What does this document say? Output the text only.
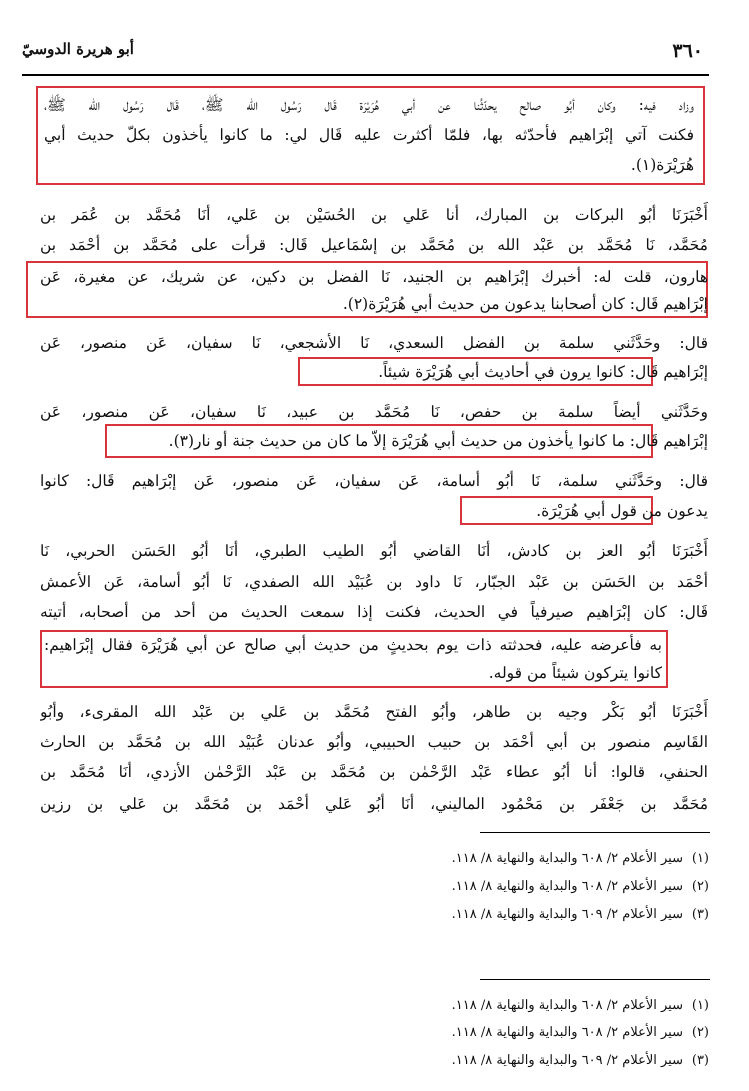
٣٦٠
أبو هريرة الدوسيّ
وزاد فيه: وكان أبُو صالح يحدّثُنا عن أبي هُرَيْرَة قَال رَسُول الله ﷺ، قَال رَسُول الله ﷺ،
فكنت آتي إبْرَاهيم فأحدّثه بها، فلمّا أكثرت عليه قَال لي: ما كانوا يأخذون بكلّ حديث أبي
هُرَيْرَة(١).
أَخْبَرَنَا أبُو البركات بن المبارك، أنا عَلي بن الحُسَيْن بن عَلي، أنَا مُحَمَّد بن عُمَر بن
مُحَمَّد، نَا مُحَمَّد بن عَبْد الله بن مُحَمَّد بن إسْمَاعيل قَال: قرأت على مُحَمَّد بن أحْمَد بن
هارون، قلت له: أخبرك إبْرَاهيم بن الجنيد، نَا الفضل بن دكين، عن شريك، عن مغيرة، عَن
إبْرَاهيم قَال: كان أصحابنا يدعون من حديث أبي هُرَيْرَة(٢).
قال: وحَدَّثَني سلمة بن الفضل السعدي، نَا الأشجعي، نَا سفيان، عَن منصور، عَن
إبْرَاهيم قَال: كانوا يرون في أحاديث أبي هُرَيْرَة شيئاً.
وحَدَّثَني أيضاً سلمة بن حفص، نَا مُحَمَّد بن عبيد، نَا سفيان، عَن منصور، عَن
إبْرَاهيم قَال: ما كانوا يأخذون من حديث أبي هُرَيْرَة إلاّ ما كان من حديث جنة أو نار(٣).
قال: وحَدَّثَني سلمة، نَا أبُو أسامة، عَن سفيان، عَن منصور، عَن إبْرَاهيم قَال: كانوا
يدعون من قول أبي هُرَيْرَة.
أَخْبَرَنَا أبُو العز بن كادش، أنَا القاضي أبُو الطيب الطبري، أنَا أبُو الحَسَن الحربي، نَا
أحْمَد بن الحَسَن بن عَبْد الجبّار، نَا داود بن عُبَيْد الله الصفدي، نَا أبُو أسامة، عَن الأعمش
قَال: كان إبْرَاهيم صيرفياً في الحديث، فكنت إذا سمعت الحديث من أحد من أصحابه، أتيته
به فأعرضه عليه، فحدثته ذات يوم بحديثٍ من حديث أبي صالح عن أبي هُرَيْرَة فقال إبْرَاهيم:
كانوا يتركون شيئاً من قوله.
أَخْبَرَنَا أبُو بَكْر وجيه بن طاهر، وأبُو الفتح مُحَمَّد بن عَلي بن عَبْد الله المقرىء، وأبُو
القَاسِم منصور بن أبي أحْمَد بن حبيب الحبيبي، وأبُو عدنان عُبَيْد الله بن مُحَمَّد بن الحارث
الحنفي، قالوا: أنا أبُو عطاء عَبْد الرَّحْمٰن بن مُحَمَّد بن عَبْد الرَّحْمٰن الأزدي، أنَا مُحَمَّد بن
مُحَمَّد بن جَعْفَر بن مَحْمُود الماليني، أنَا أبُو عَلي أحْمَد بن مُحَمَّد بن عَلي بن رزين
(١)سير الأعلام ٢/ ٦٠٨ والبداية والنهاية ٨/ ١١٨.
(٢)سير الأعلام ٢/ ٦٠٨ والبداية والنهاية ٨/ ١١٨.
(٣)سير الأعلام ٢/ ٦٠٩ والبداية والنهاية ٨/ ١١٨.
(١)سير الأعلام ٢/ ٦٠٨ والبداية والنهاية ٨/ ١١٨.
(٢)سير الأعلام ٢/ ٦٠٨ والبداية والنهاية ٨/ ١١٨.
(٣)سير الأعلام ٢/ ٦٠٩ والبداية والنهاية ٨/ ١١٨.
